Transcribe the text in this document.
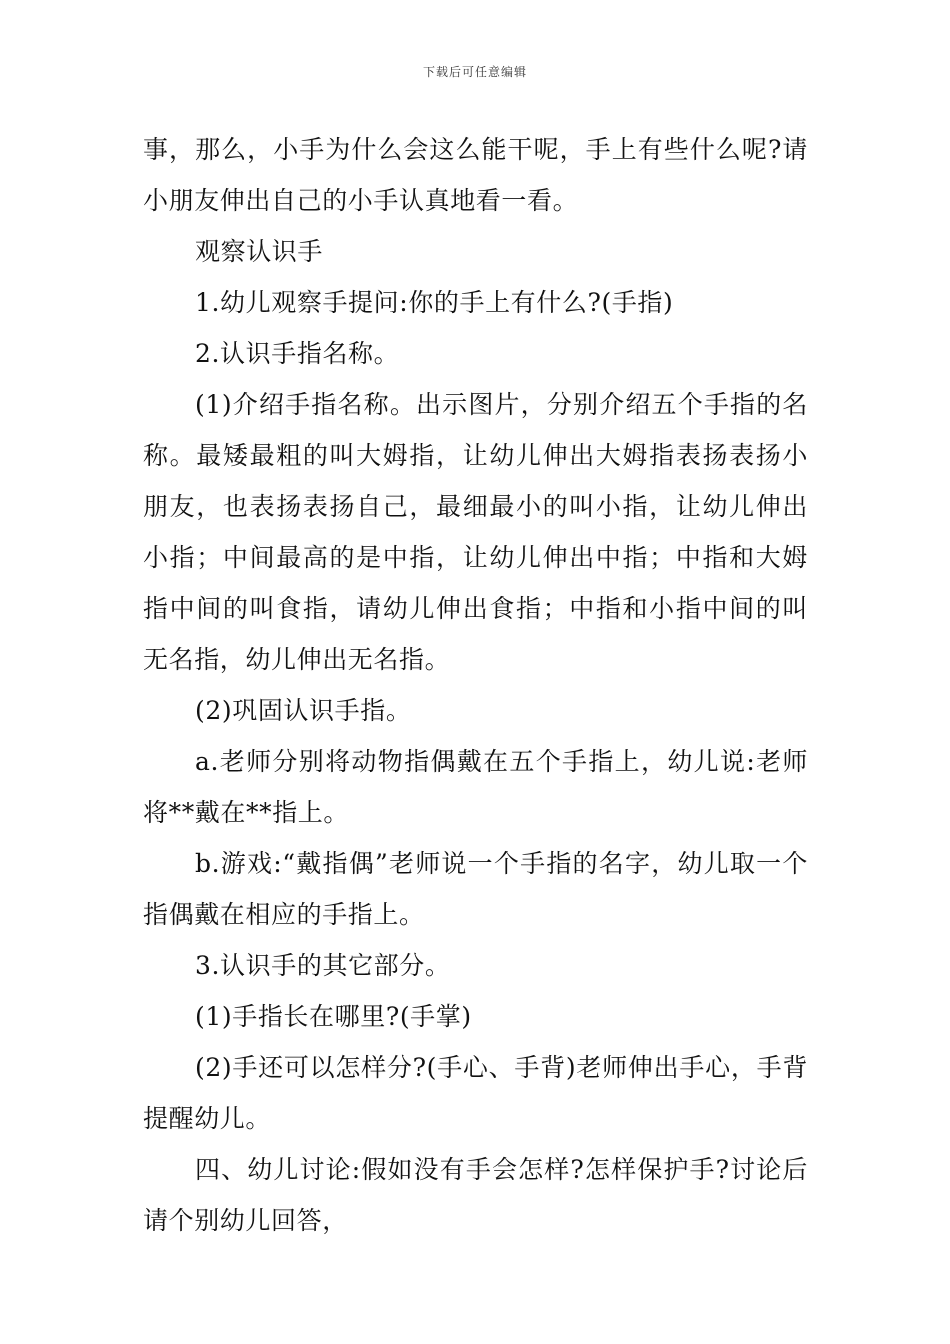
下载后可任意编辑

事，那么，小手为什么会这么能干呢，手上有些什么呢?请小朋友伸出自己的小手认真地看一看。

观察认识手

1.幼儿观察手提问:你的手上有什么?(手指)

2.认识手指名称。

(1)介绍手指名称。出示图片，分别介绍五个手指的名称。最矮最粗的叫大姆指，让幼儿伸出大姆指表扬表扬小朋友，也表扬表扬自己，最细最小的叫小指，让幼儿伸出小指；中间最高的是中指，让幼儿伸出中指；中指和大姆指中间的叫食指，请幼儿伸出食指；中指和小指中间的叫无名指，幼儿伸出无名指。

(2)巩固认识手指。

a.老师分别将动物指偶戴在五个手指上，幼儿说:老师将**戴在**指上。

b.游戏:“戴指偶”老师说一个手指的名字，幼儿取一个指偶戴在相应的手指上。

3.认识手的其它部分。

(1)手指长在哪里?(手掌)

(2)手还可以怎样分?(手心、手背)老师伸出手心，手背提醒幼儿。

四、幼儿讨论:假如没有手会怎样?怎样保护手?讨论后请个别幼儿回答，
